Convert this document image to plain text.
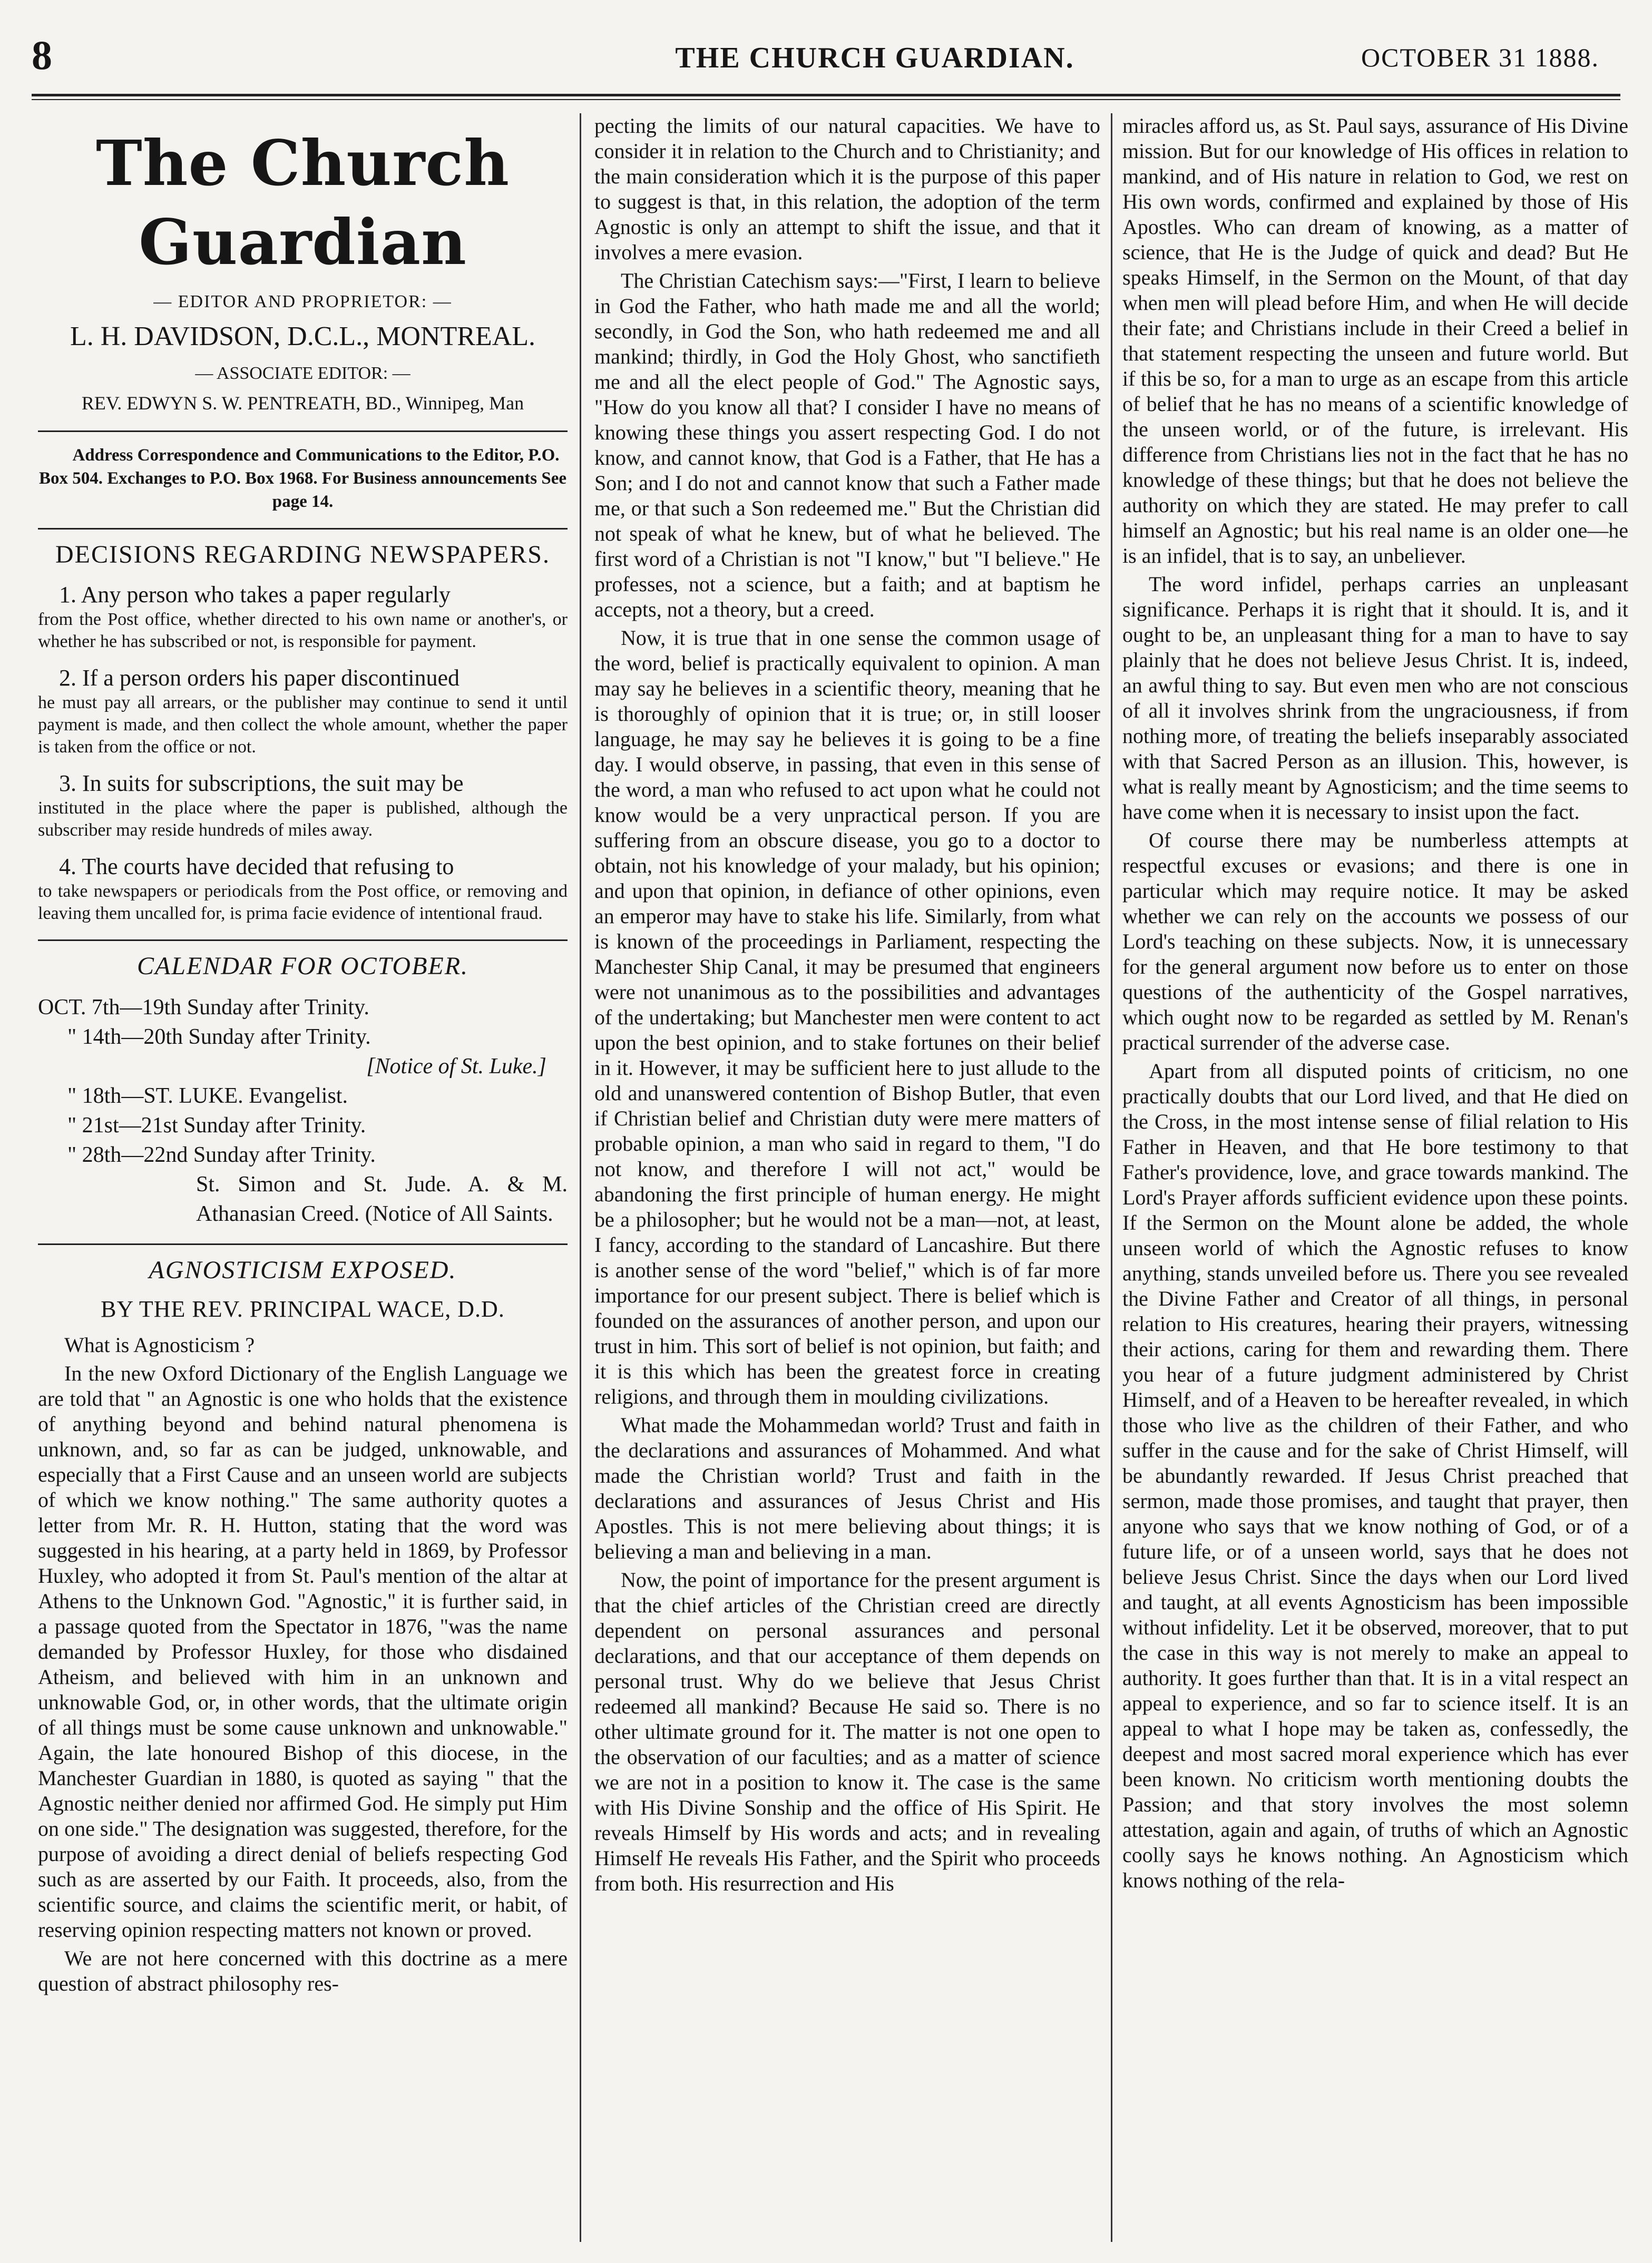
8	THE CHURCH GUARDIAN.	OCTOBER 31 1888.
The Church Guardian
— EDITOR AND PROPRIETOR: —
L. H. DAVIDSON, D.C.L., MONTREAL.
— ASSOCIATE EDITOR: —
REV. EDWYN S. W. PENTREATH, BD., Winnipeg, Man

Address Correspondence and Communications to the Editor, P.O. Box 504. Exchanges to P.O. Box 1968. For Business announcements See page 14.

DECISIONS REGARDING NEWSPAPERS.
1. Any person who takes a paper regularly
from the Post office, whether directed to his own name or another's, or whether he has subscribed or not, is responsible for payment.
2. If a person orders his paper discontinued
he must pay all arrears, or the publisher may continue to send it until payment is made, and then collect the whole amount, whether the paper is taken from the office or not.
3. In suits for subscriptions, the suit may be
instituted in the place where the paper is published, although the subscriber may reside hundreds of miles away.
4. The courts have decided that refusing to
to take newspapers or periodicals from the Post office, or removing and leaving them uncalled for, is prima facie evidence of intentional fraud.
CALENDAR FOR OCTOBER.
OCT. 7th—19th Sunday after Trinity.
" 14th—20th Sunday after Trinity.
[Notice of St. Luke.]
" 18th—ST. LUKE. Evangelist.
" 21st—21st Sunday after Trinity.
" 28th—22nd Sunday after Trinity.
St. Simon and St. Jude. A. & M. Athanasian Creed. (Notice of All Saints.
AGNOSTICISM EXPOSED.
BY THE REV. PRINCIPAL WACE, D.D.

What is Agnosticism ?

In the new Oxford Dictionary of the English Language we are told that " an Agnostic is one who holds that the existence of anything beyond and behind natural phenomena is unknown, and, so far as can be judged, unknowable, and especially that a First Cause and an unseen world are subjects of which we know nothing." The same authority quotes a letter from Mr. R. H. Hutton, stating that the word was suggested in his hearing, at a party held in 1869, by Professor Huxley, who adopted it from St. Paul's mention of the altar at Athens to the Unknown God. "Agnostic," it is further said, in a passage quoted from the Spectator in 1876, "was the name demanded by Professor Huxley, for those who disdained Atheism, and believed with him in an unknown and unknowable God, or, in other words, that the ultimate origin of all things must be some cause unknown and unknowable." Again, the late honoured Bishop of this diocese, in the Manchester Guardian in 1880, is quoted as saying " that the Agnostic neither denied nor affirmed God. He simply put Him on one side." The designation was suggested, therefore, for the purpose of avoiding a direct denial of beliefs respecting God such as are asserted by our Faith. It proceeds, also, from the scientific source, and claims the scientific merit, or habit, of reserving opinion respecting matters not known or proved.

We are not here concerned with this doctrine as a mere question of abstract philosophy res-

pecting the limits of our natural capacities. We have to consider it in relation to the Church and to Christianity; and the main consideration which it is the purpose of this paper to suggest is that, in this relation, the adoption of the term Agnostic is only an attempt to shift the issue, and that it involves a mere evasion.

The Christian Catechism says:—"First, I learn to believe in God the Father, who hath made me and all the world; secondly, in God the Son, who hath redeemed me and all mankind; thirdly, in God the Holy Ghost, who sanctifieth me and all the elect people of God." The Agnostic says, "How do you know all that? I consider I have no means of knowing these things you assert respecting God. I do not know, and cannot know, that God is a Father, that He has a Son; and I do not and cannot know that such a Father made me, or that such a Son redeemed me." But the Christian did not speak of what he knew, but of what he believed. The first word of a Christian is not "I know," but "I believe." He professes, not a science, but a faith; and at baptism he accepts, not a theory, but a creed.

Now, it is true that in one sense the common usage of the word, belief is practically equivalent to opinion. A man may say he believes in a scientific theory, meaning that he is thoroughly of opinion that it is true; or, in still looser language, he may say he believes it is going to be a fine day. I would observe, in passing, that even in this sense of the word, a man who refused to act upon what he could not know would be a very unpractical person. If you are suffering from an obscure disease, you go to a doctor to obtain, not his knowledge of your malady, but his opinion; and upon that opinion, in defiance of other opinions, even an emperor may have to stake his life. Similarly, from what is known of the proceedings in Parliament, respecting the Manchester Ship Canal, it may be presumed that engineers were not unanimous as to the possibilities and advantages of the undertaking; but Manchester men were content to act upon the best opinion, and to stake fortunes on their belief in it. However, it may be sufficient here to just allude to the old and unanswered contention of Bishop Butler, that even if Christian belief and Christian duty were mere matters of probable opinion, a man who said in regard to them, "I do not know, and therefore I will not act," would be abandoning the first principle of human energy. He might be a philosopher; but he would not be a man—not, at least, I fancy, according to the standard of Lancashire. But there is another sense of the word "belief," which is of far more importance for our present subject. There is belief which is founded on the assurances of another person, and upon our trust in him. This sort of belief is not opinion, but faith; and it is this which has been the greatest force in creating religions, and through them in moulding civilizations.

What made the Mohammedan world? Trust and faith in the declarations and assurances of Mohammed. And what made the Christian world? Trust and faith in the declarations and assurances of Jesus Christ and His Apostles. This is not mere believing about things; it is believing a man and believing in a man.

Now, the point of importance for the present argument is that the chief articles of the Christian creed are directly dependent on personal assurances and personal declarations, and that our acceptance of them depends on personal trust. Why do we believe that Jesus Christ redeemed all mankind? Because He said so. There is no other ultimate ground for it. The matter is not one open to the observation of our faculties; and as a matter of science we are not in a position to know it. The case is the same with His Divine Sonship and the office of His Spirit. He reveals Himself by His words and acts; and in revealing Himself He reveals His Father, and the Spirit who proceeds from both. His resurrection and His

miracles afford us, as St. Paul says, assurance of His Divine mission. But for our knowledge of His offices in relation to mankind, and of His nature in relation to God, we rest on His own words, confirmed and explained by those of His Apostles. Who can dream of knowing, as a matter of science, that He is the Judge of quick and dead? But He speaks Himself, in the Sermon on the Mount, of that day when men will plead before Him, and when He will decide their fate; and Christians include in their Creed a belief in that statement respecting the unseen and future world. But if this be so, for a man to urge as an escape from this article of belief that he has no means of a scientific knowledge of the unseen world, or of the future, is irrelevant. His difference from Christians lies not in the fact that he has no knowledge of these things; but that he does not believe the authority on which they are stated. He may prefer to call himself an Agnostic; but his real name is an older one—he is an infidel, that is to say, an unbeliever.

The word infidel, perhaps carries an unpleasant significance. Perhaps it is right that it should. It is, and it ought to be, an unpleasant thing for a man to have to say plainly that he does not believe Jesus Christ. It is, indeed, an awful thing to say. But even men who are not conscious of all it involves shrink from the ungraciousness, if from nothing more, of treating the beliefs inseparably associated with that Sacred Person as an illusion. This, however, is what is really meant by Agnosticism; and the time seems to have come when it is necessary to insist upon the fact.

Of course there may be numberless attempts at respectful excuses or evasions; and there is one in particular which may require notice. It may be asked whether we can rely on the accounts we possess of our Lord's teaching on these subjects. Now, it is unnecessary for the general argument now before us to enter on those questions of the authenticity of the Gospel narratives, which ought now to be regarded as settled by M. Renan's practical surrender of the adverse case.

Apart from all disputed points of criticism, no one practically doubts that our Lord lived, and that He died on the Cross, in the most intense sense of filial relation to His Father in Heaven, and that He bore testimony to that Father's providence, love, and grace towards mankind. The Lord's Prayer affords sufficient evidence upon these points. If the Sermon on the Mount alone be added, the whole unseen world of which the Agnostic refuses to know anything, stands unveiled before us. There you see revealed the Divine Father and Creator of all things, in personal relation to His creatures, hearing their prayers, witnessing their actions, caring for them and rewarding them. There you hear of a future judgment administered by Christ Himself, and of a Heaven to be hereafter revealed, in which those who live as the children of their Father, and who suffer in the cause and for the sake of Christ Himself, will be abundantly rewarded. If Jesus Christ preached that sermon, made those promises, and taught that prayer, then anyone who says that we know nothing of God, or of a future life, or of a unseen world, says that he does not believe Jesus Christ. Since the days when our Lord lived and taught, at all events Agnosticism has been impossible without infidelity. Let it be observed, moreover, that to put the case in this way is not merely to make an appeal to authority. It goes further than that. It is in a vital respect an appeal to experience, and so far to science itself. It is an appeal to what I hope may be taken as, confessedly, the deepest and most sacred moral experience which has ever been known. No criticism worth mentioning doubts the Passion; and that story involves the most solemn attestation, again and again, of truths of which an Agnostic coolly says he knows nothing. An Agnosticism which knows nothing of the rela-
